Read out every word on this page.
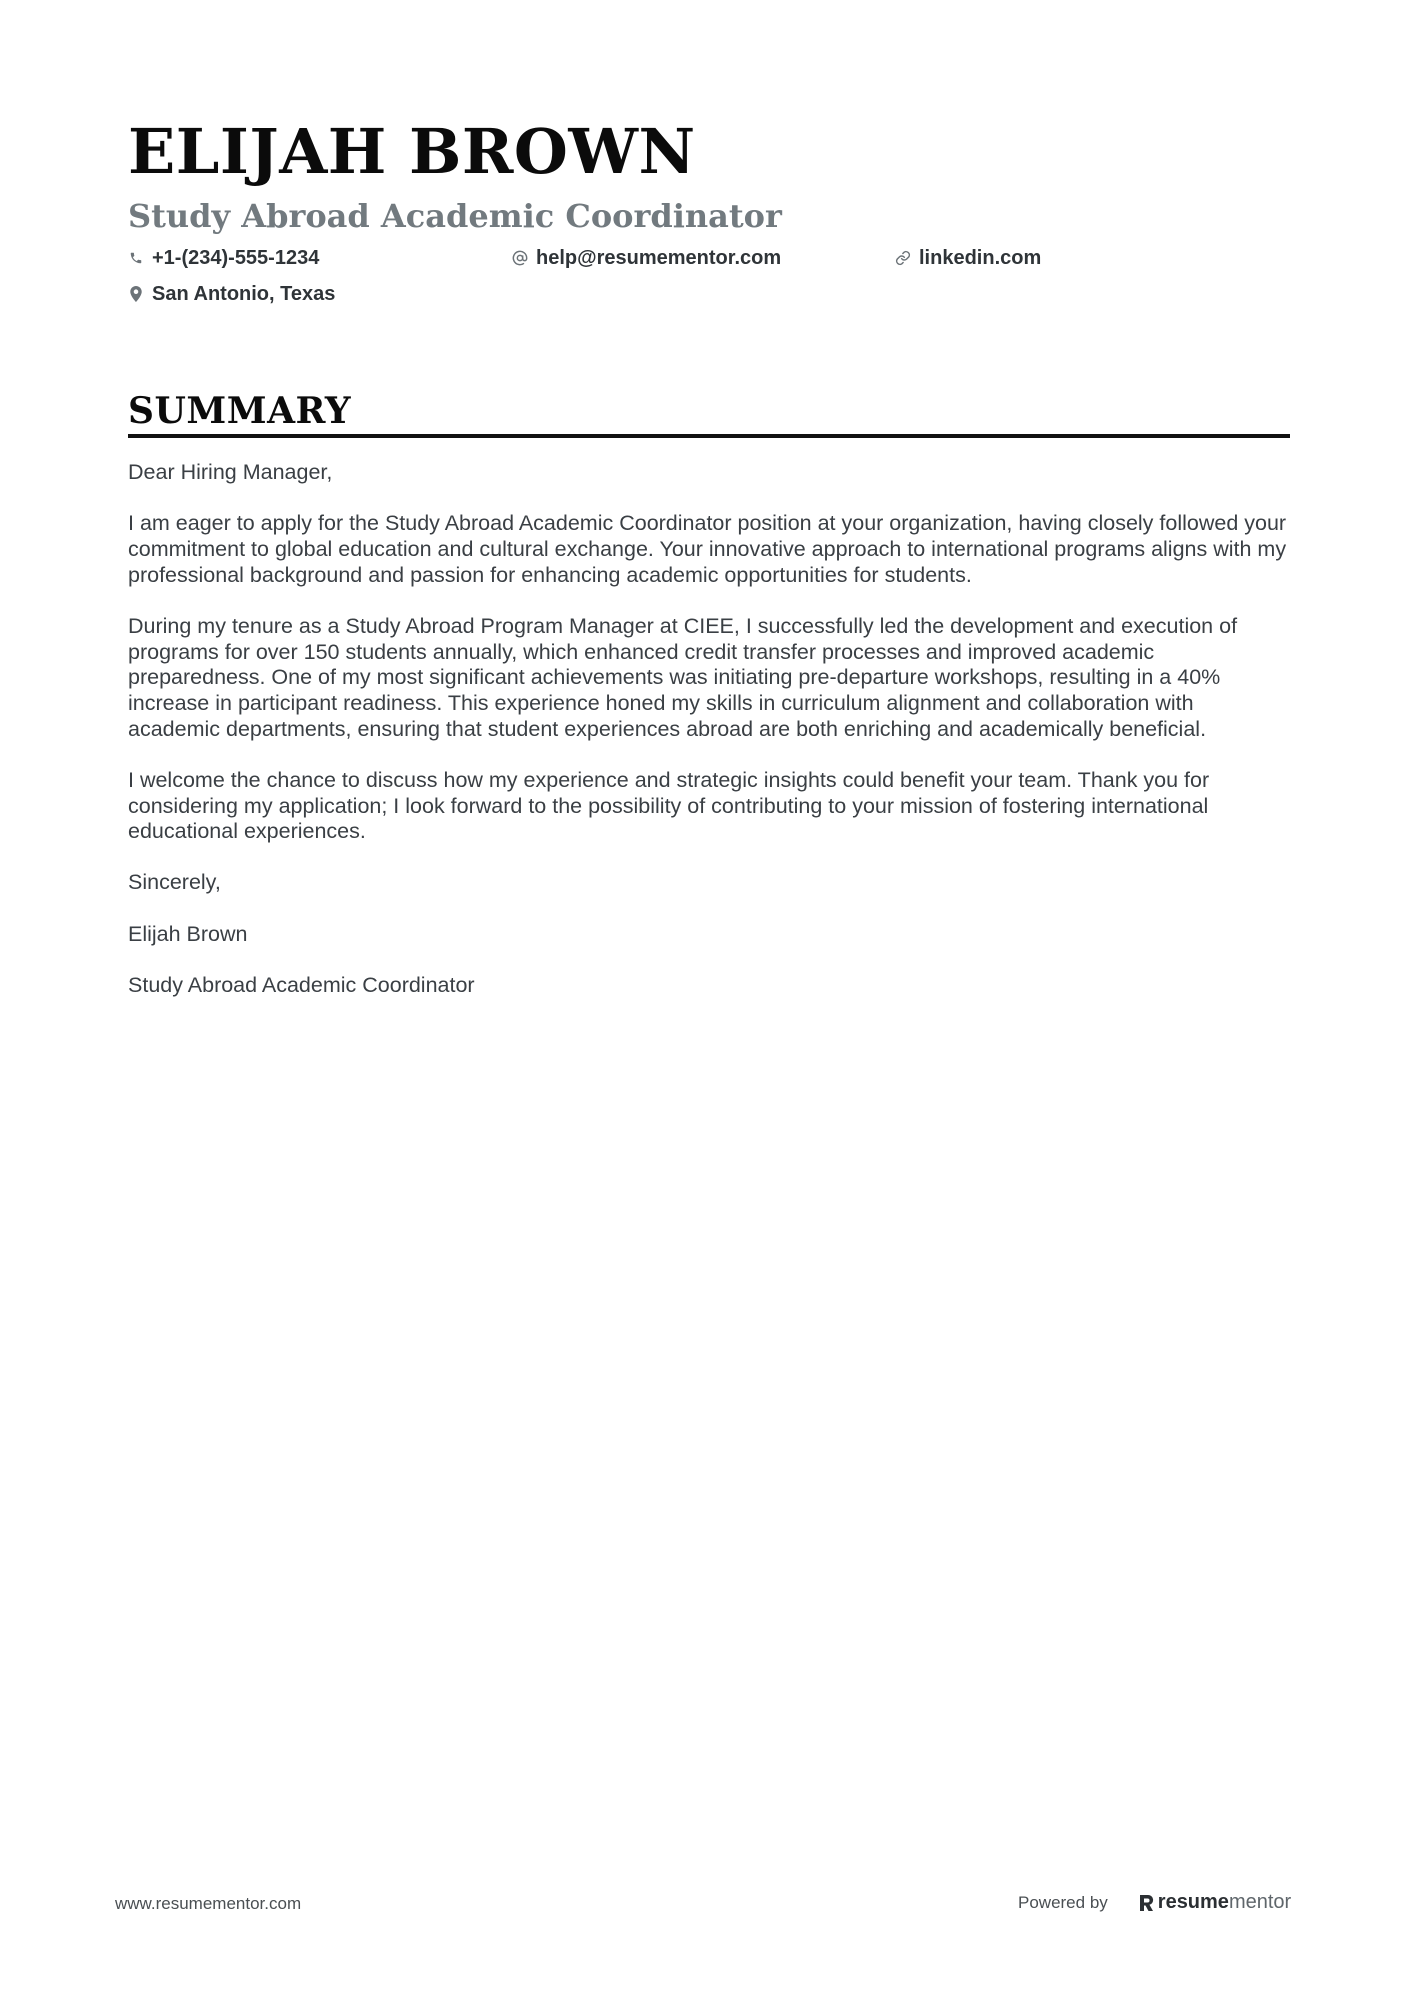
ELIJAH BROWN
Study Abroad Academic Coordinator
+1-(234)-555-1234	help@resumementor.com	linkedin.com
San Antonio, Texas
SUMMARY

Dear Hiring Manager,

I am eager to apply for the Study Abroad Academic Coordinator position at your organization, having closely followed your commitment to global education and cultural exchange. Your innovative approach to international programs aligns with my professional background and passion for enhancing academic opportunities for students.

During my tenure as a Study Abroad Program Manager at CIEE, I successfully led the development and execution of programs for over 150 students annually, which enhanced credit transfer processes and improved academic preparedness. One of my most significant achievements was initiating pre-departure workshops, resulting in a 40% increase in participant readiness. This experience honed my skills in curriculum alignment and collaboration with academic departments, ensuring that student experiences abroad are both enriching and academically beneficial.

I welcome the chance to discuss how my experience and strategic insights could benefit your team. Thank you for considering my application; I look forward to the possibility of contributing to your mission of fostering international educational experiences.

Sincerely,

Elijah Brown

Study Abroad Academic Coordinator

www.resumementor.com	Powered by	resume mentor
